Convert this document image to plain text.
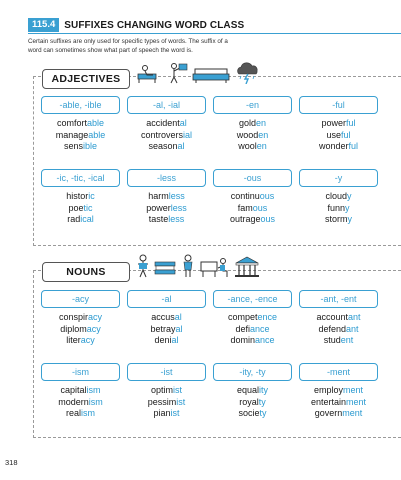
115.4 SUFFIXES CHANGING WORD CLASS
Certain suffixes are only used for specific types of words. The suffix of a word can sometimes show what part of speech the word is.
ADJECTIVES
-able, -ible
comfortable
manageable
sensible
-al, -ial
accidental
controversial
seasonal
-en
golden
wooden
woolen
-ful
powerful
useful
wonderful
-ic, -tic, -ical
historic
poetic
radical
-less
harmless
powerless
tasteless
-ous
continuous
famous
outrageous
-y
cloudy
funny
stormy
NOUNS
-acy
conspiracy
diplomacy
literacy
-al
accusal
betrayal
denial
-ance, -ence
competence
defiance
dominance
-ant, -ent
accountant
defendant
student
-ism
capitalism
modernism
realism
-ist
optimist
pessimist
pianist
-ity, -ty
equality
royalty
society
-ment
employment
entertainment
government
318
